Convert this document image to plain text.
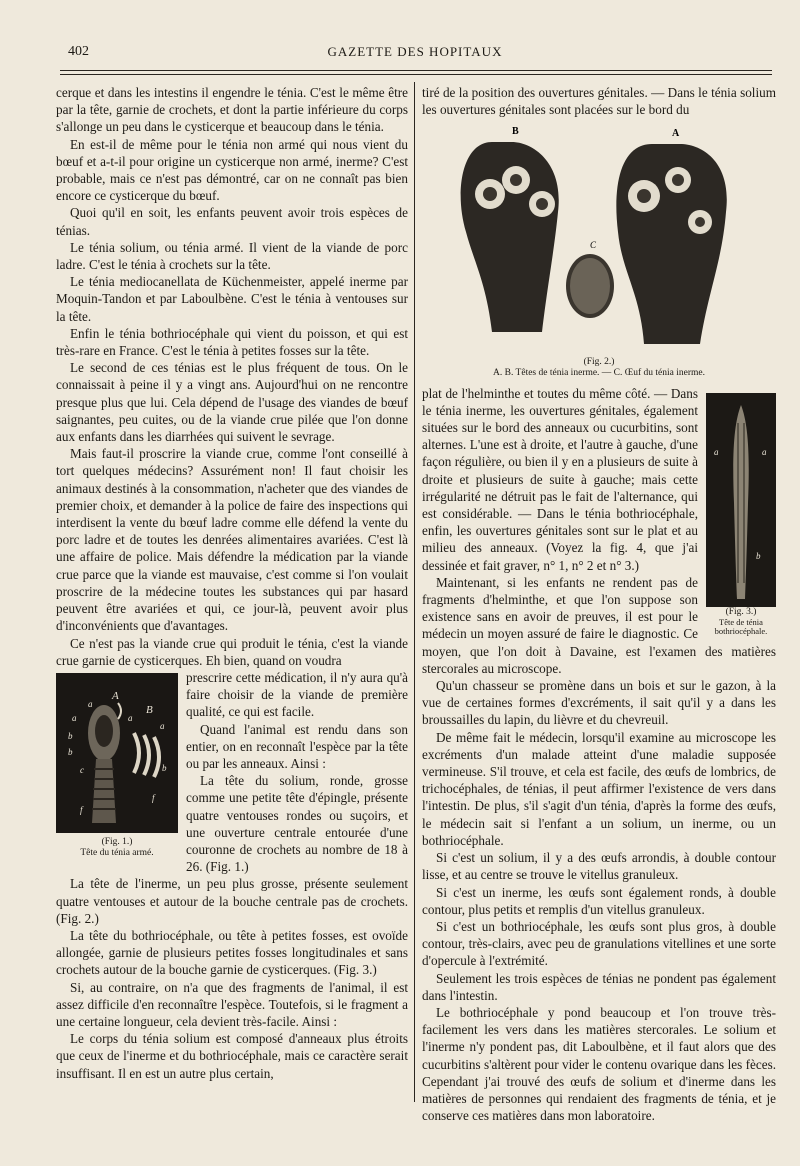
402	GAZETTE DES HOPITAUX

cerque et dans les intestins il engendre le ténia. C'est le même être par la tête, garnie de crochets, et dont la partie inférieure du corps s'allonge un peu dans le cysticerque et beaucoup dans le ténia.

En est-il de même pour le ténia non armé qui nous vient du bœuf et a-t-il pour origine un cysticerque non armé, inerme? C'est probable, mais ce n'est pas démontré, car on ne connaît pas bien encore ce cysticerque du bœuf.

Quoi qu'il en soit, les enfants peuvent avoir trois espèces de ténias.

Le ténia solium, ou ténia armé. Il vient de la viande de porc ladre. C'est le ténia à crochets sur la tête.

Le ténia mediocanellata de Küchenmeister, appelé inerme par Moquin-Tandon et par Laboulbène. C'est le ténia à ventouses sur la tête.

Enfin le ténia bothriocéphale qui vient du poisson, et qui est très-rare en France. C'est le ténia à petites fosses sur la tête.

Le second de ces ténias est le plus fréquent de tous. On le connaissait à peine il y a vingt ans. Aujourd'hui on ne rencontre presque plus que lui. Cela dépend de l'usage des viandes de bœuf saignantes, peu cuites, ou de la viande crue pilée que l'on donne aux enfants dans les diarrhées qui suivent le sevrage.

Mais faut-il proscrire la viande crue, comme l'ont conseillé à tort quelques médecins? Assurément non! Il faut choisir les animaux destinés à la consommation, n'acheter que des viandes de premier choix, et demander à la police de faire des inspections qui interdisent la vente du bœuf ladre comme elle défend la vente du porc ladre et de toutes les denrées alimentaires avariées. C'est là une affaire de police. Mais défendre la médication par la viande crue parce que la viande est mauvaise, c'est comme si l'on voulait proscrire de la médecine toutes les substances qui par hasard peuvent être avariées et qui, ce jour-là, peuvent avoir plus d'inconvénients que d'avantages.

Ce n'est pas la viande crue qui produit le ténia, c'est la viande crue garnie de cysticerques. Eh bien, quand on voudra

A
a	B
a	a
a
b
b
b
c
f
f
(Fig. 1.)
Tête du ténia armé.

prescrire cette médication, il n'y aura qu'à faire choisir de la viande de première qualité, ce qui est facile.

Quand l'animal est rendu dans son entier, on en reconnaît l'espèce par la tête ou par les anneaux. Ainsi :

La tête du solium, ronde, grosse comme une petite tête d'épingle, présente quatre ventouses rondes ou suçoirs, et une ouverture centrale entourée d'une couronne de crochets au nombre de 18 à 26. (Fig. 1.)

La tête de l'inerme, un peu plus grosse, présente seulement quatre ventouses et autour de la bouche centrale pas de crochets. (Fig. 2.)

La tête du bothriocéphale, ou tête à petites fosses, est ovoïde allongée, garnie de plusieurs petites fosses longitudinales et sans crochets autour de la bouche garnie de cysticerques. (Fig. 3.)

Si, au contraire, on n'a que des fragments de l'animal, il est assez difficile d'en reconnaître l'espèce. Toutefois, si le fragment a une certaine longueur, cela devient très-facile. Ainsi :

Le corps du ténia solium est composé d'anneaux plus étroits que ceux de l'inerme et du bothriocéphale, mais ce caractère serait insuffisant. Il en est un autre plus certain,

tiré de la position des ouvertures génitales. — Dans le ténia solium les ouvertures génitales sont placées sur le bord du

B	A
C
(Fig. 2.)
A. B. Têtes de ténia inerme. — C. Œuf du ténia inerme.

plat de l'helminthe et toutes du même côté. — Dans le ténia inerme, les ouvertures génitales, également situées sur le bord des anneaux ou cucurbitins, sont alternes. L'une est à droite, et l'autre à gauche, d'une façon régulière, ou bien il y en a plusieurs de suite à droite et plusieurs de suite à gauche; mais cette irrégularité ne détruit pas le fait de l'alternance, qui est considérable. — Dans le ténia bothriocéphale, enfin, les ouvertures génitales sont sur le plat et au milieu des anneaux. (Voyez la fig. 4, que j'ai dessinée et fait graver, n° 1, n° 2 et n° 3.)

Maintenant, si les enfants ne rendent pas de fragments d'helminthe, et que l'on suppose son existence sans en avoir de preuves, il est pour le médecin un moyen assuré de faire le diagnostic. Ce moyen, que l'on doit à Davaine, est l'examen des matières stercorales au microscope.

Qu'un chasseur se promène dans un bois et sur le gazon, à la vue de certaines formes d'excréments, il sait qu'il y a dans les broussailles du lapin, du lièvre et du chevreuil.

De même fait le médecin, lorsqu'il examine au microscope les excréments d'un malade atteint d'une maladie supposée vermineuse. S'il trouve, et cela est facile, des œufs de lombrics, de trichocéphales, de ténias, il peut affirmer l'existence de vers dans l'intestin. De plus, s'il s'agit d'un ténia, d'après la forme des œufs, le médecin sait si l'enfant a un solium, un inerme, ou un bothriocéphale.

Si c'est un solium, il y a des œufs arrondis, à double contour lisse, et au centre se trouve le vitellus granuleux.

Si c'est un inerme, les œufs sont également ronds, à double contour, plus petits et remplis d'un vitellus granuleux.

Si c'est un bothriocéphale, les œufs sont plus gros, à double contour, très-clairs, avec peu de granulations vitellines et une sorte d'opercule à l'extrémité.

Seulement les trois espèces de ténias ne pondent pas également dans l'intestin.

Le bothriocéphale y pond beaucoup et l'on trouve très-facilement les vers dans les matières stercorales. Le solium et l'inerme n'y pondent pas, dit Laboulbène, et il faut alors que des cucurbitins s'altèrent pour vider le contenu ovarique dans les fèces. Cependant j'ai trouvé des œufs de solium et d'inerme dans les matières de personnes qui rendaient des fragments de ténia, et je conserve ces matières dans mon laboratoire.

a	a
b
(Fig. 3.)
Tête de ténia bothriocéphale.
